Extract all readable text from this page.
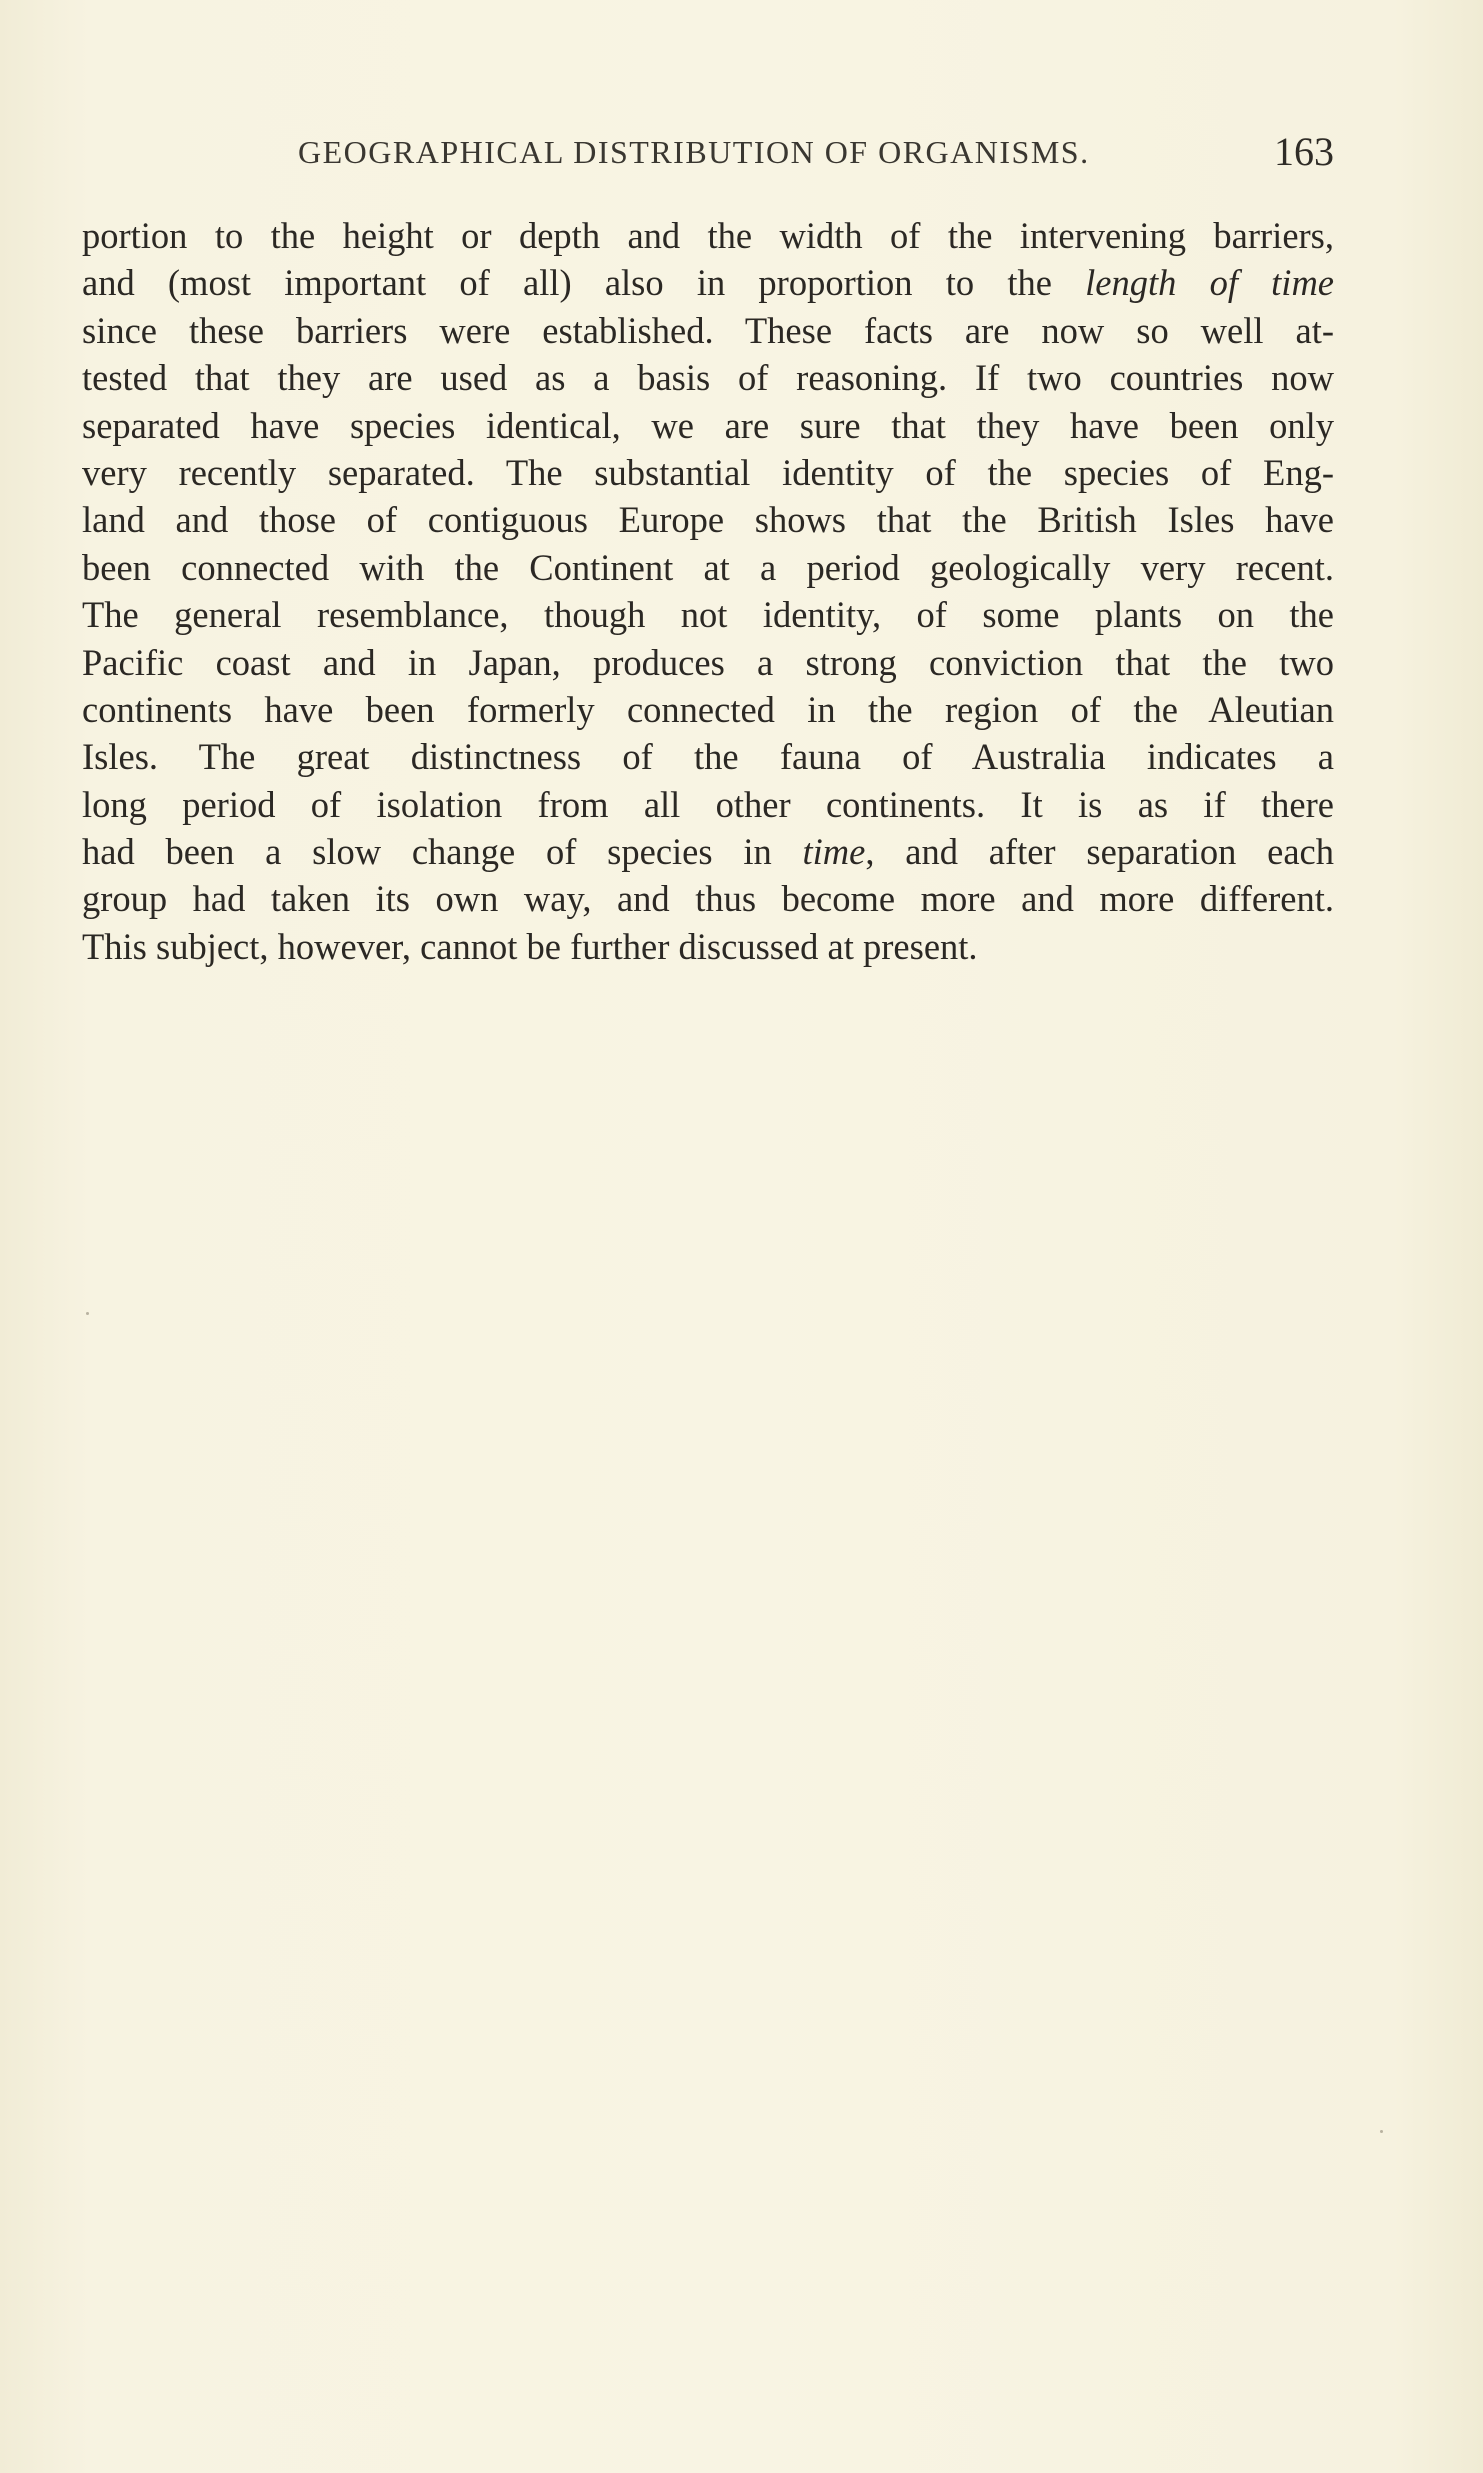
GEOGRAPHICAL DISTRIBUTION OF ORGANISMS.	163
portion to the height or depth and the width of the intervening barriers,
and (most important of all) also in proportion to the length of time
since these barriers were established. These facts are now so well at-
tested that they are used as a basis of reasoning. If two countries now
separated have species identical, we are sure that they have been only
very recently separated. The substantial identity of the species of Eng-
land and those of contiguous Europe shows that the British Isles have
been connected with the Continent at a period geologically very recent.
The general resemblance, though not identity, of some plants on the
Pacific coast and in Japan, produces a strong conviction that the two
continents have been formerly connected in the region of the Aleutian
Isles. The great distinctness of the fauna of Australia indicates a
long period of isolation from all other continents. It is as if there
had been a slow change of species in time, and after separation each
group had taken its own way, and thus become more and more different.
This subject, however, cannot be further discussed at present.
